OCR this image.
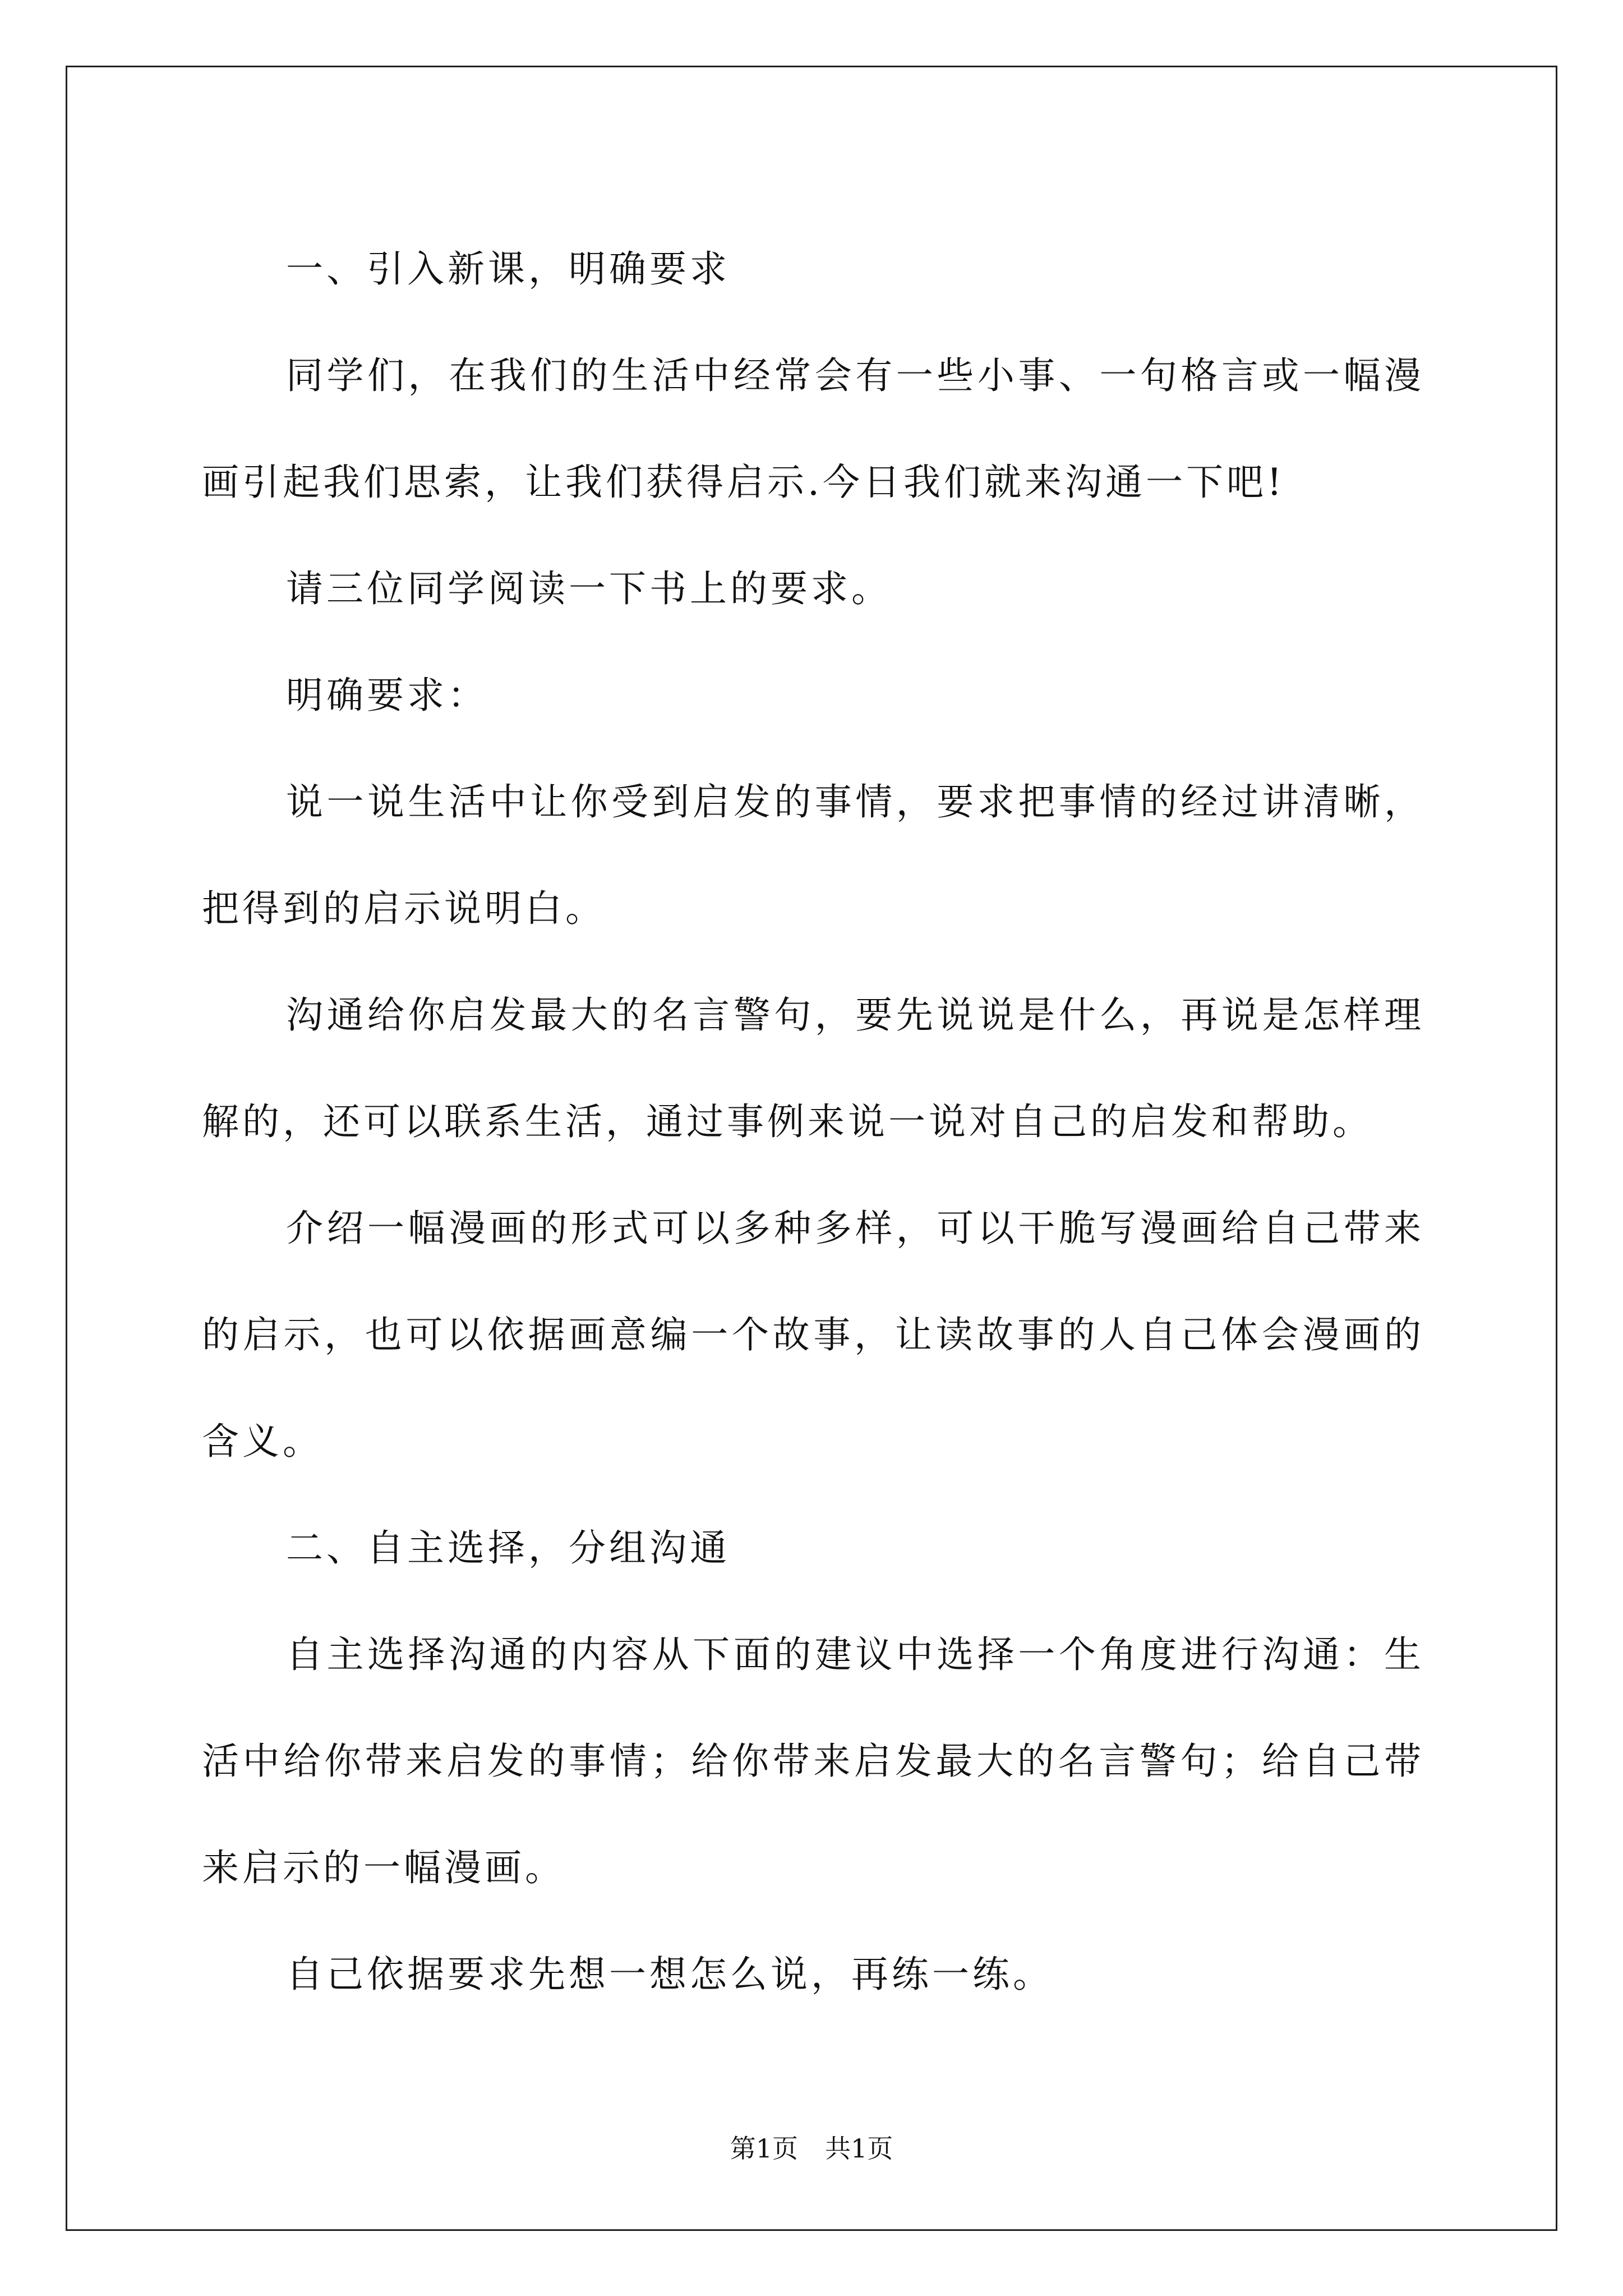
一、引入新课，明确要求

同学们，在我们的生活中经常会有一些小事、一句格言或一幅漫画引起我们思索，让我们获得启示.今日我们就来沟通一下吧!

请三位同学阅读一下书上的要求。

明确要求：

说一说生活中让你受到启发的事情，要求把事情的经过讲清晰，把得到的启示说明白。

沟通给你启发最大的名言警句，要先说说是什么，再说是怎样理解的，还可以联系生活，通过事例来说一说对自己的启发和帮助。

介绍一幅漫画的形式可以多种多样，可以干脆写漫画给自己带来的启示，也可以依据画意编一个故事，让读故事的人自己体会漫画的含义。

二、自主选择，分组沟通

自主选择沟通的内容从下面的建议中选择一个角度进行沟通：生活中给你带来启发的事情；给你带来启发最大的名言警句；给自己带来启示的一幅漫画。

自己依据要求先想一想怎么说，再练一练。

第1页 共1页
